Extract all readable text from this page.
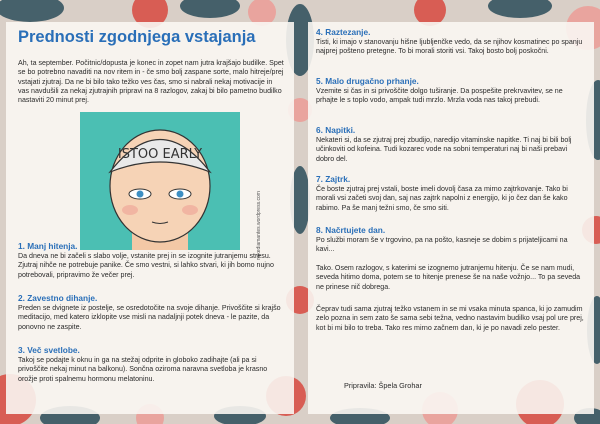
Prednosti zgodnjega vstajanja

Ah, ta september. Počitnic/dopusta je konec in zopet nam jutra krajšajo budilke. Spet se bo potrebno navaditi na nov ritem in - če smo bolj zaspane sorte, malo hitreje/prej vstajati zjutraj. Da ne bi bilo tako težko ves čas, smo si nabrali nekaj motivacije in vas navdušili za nekaj zjutrajnih pripravi na 8 razlogov, zakaj bi bilo pametno budilko nastaviti 20 minut prej.

ISTOO EARLY
mikediamantes.wordpress.com

1. Manj hitenja.

Da dneva ne bi začeli s slabo volje, vstanite prej in se izognite jutranjemu stresu. Zjutraj nihče ne potrebuje panike. Če smo vestni, si lahko stvari, ki jih bomo nujno potrebovali, pripravimo že večer prej.

2. Zavestno dihanje.

Preden se dvignete iz postelje, se osredotočite na svoje dihanje. Privoščite si krajšo meditacijo, med katero izklopite vse misli na nadaljnji potek dneva - le pazite, da ponovno ne zaspite.

3. Več svetlobe.

Takoj se podajte k oknu in ga na stežaj odprite in globoko zadihajte (ali pa si privoščite nekaj minut na balkonu). Sončna oziroma naravna svetloba je krasno orožje proti spalnemu hormonu melatoninu.

4. Raztezanje.

Tisti, ki imajo v stanovanju hišne ljubljenčke vedo, da se njihov kosmatinec po spanju najprej pošteno pretegne. To bi morali storiti vsi. Takoj bosto bolj poskočni.

5. Malo drugačno prhanje.

Vzemite si čas in si privoščite dolgo tuširanje. Da pospešite prekrvavitev, se ne prhajte le s toplo vodo, ampak tudi mrzlo. Mrzla voda nas takoj prebudi.

6. Napitki.

Nekateri si, da se zjutraj prej zbudijo, naredijo vitaminske napitke. Ti naj bi bili bolj učinkoviti od kofeina. Tudi kozarec vode na sobni temperaturi naj bi naši prebavi dobro del.

7. Zajtrk.

Če boste zjutraj prej vstali, boste imeli dovolj časa za mirno zajtrkovanje. Tako bi morali vsi začeti svoj dan, saj nas zajtrk napolni z energijo, ki jo čez dan še kako rabimo. Pa še manj težni smo, če smo siti.

8. Načrtujete dan.

Po službi moram še v trgovino, pa na pošto, kasneje se dobim s prijateljicami na kavi...

Tako. Osem razlogov, s katerimi se izognemo jutranjemu hitenju. Če se nam mudi, seveda hitimo doma, potem se to hitenje prenese še na naše vožnjo... To pa seveda ne prinese nič dobrega.

Čeprav tudi sama zjutraj težko vstanem in se mi vsaka minuta spanca, ki jo zamudim zelo pozna in sem zato še sama sebi težna, vedno nastavim budilko vsaj pol ure prej, kot bi mi bilo to treba. Tako res mirno začnem dan, ki je po navadi zelo pester.

Pripravila: Špela Grohar
